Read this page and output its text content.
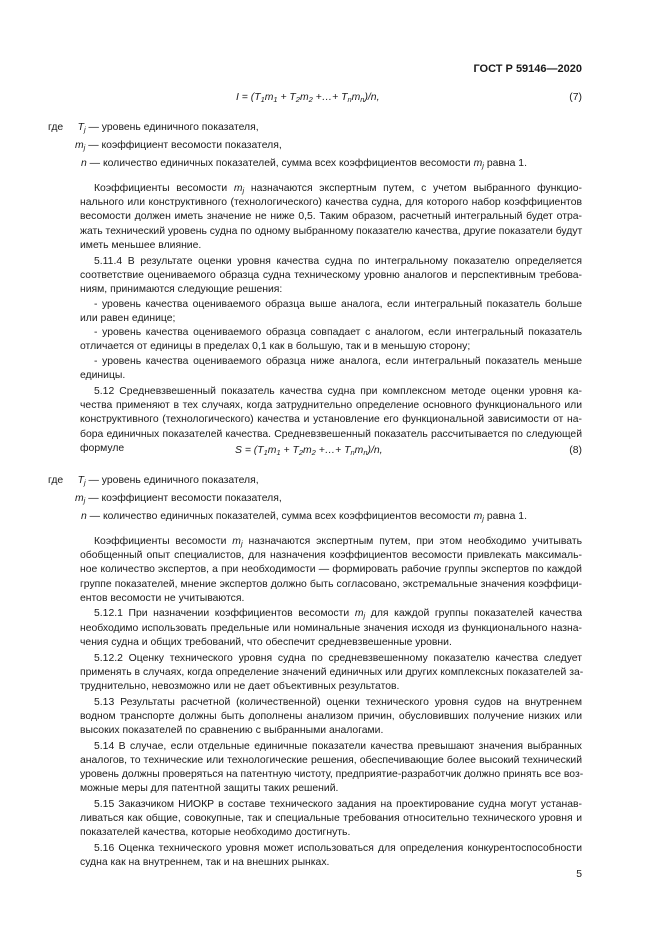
ГОСТ Р 59146—2020
$I = (T_1m_1 + T_2m_2$ +…+ $T_nm_n)/n$,	(7)
где $T_j$ — уровень единичного показателя,
$m_j$ — коэффициент весомости показателя,
n — количество единичных показателей, сумма всех коэффициентов весомости $m_j$ равна 1.
Коэффициенты весомости $m_j$ назначаются экспертным путем, с учетом выбранного функцио-
нального или конструктивного (технологического) качества судна, для которого набор коэффициентов
весомости должен иметь значение не ниже 0,5. Таким образом, расчетный интегральный будет отра-
жать технический уровень судна по одному выбранному показателю качества, другие показатели будут
иметь меньшее влияние.
5.11.4 В результате оценки уровня качества судна по интегральному показателю определяется
соответствие оцениваемого образца судна техническому уровню аналогов и перспективным требова-
ниям, принимаются следующие решения:
- уровень качества оцениваемого образца выше аналога, если интегральный показатель больше
или равен единице;
- уровень качества оцениваемого образца совпадает с аналогом, если интегральный показатель
отличается от единицы в пределах 0,1 как в большую, так и в меньшую сторону;
- уровень качества оцениваемого образца ниже аналога, если интегральный показатель меньше
единицы.
5.12 Средневзвешенный показатель качества судна при комплексном методе оценки уровня ка-
чества применяют в тех случаях, когда затруднительно определение основного функционального или
конструктивного (технологического) качества и установление его функциональной зависимости от на-
бора единичных показателей качества. Средневзвешенный показатель рассчитывается по следующей
формуле	$S = (T_1m_1 + T_2m_2$ +…+ $T_nm_n)/n$,	(8)
где $T_j$ — уровень единичного показателя,
$m_j$ — коэффициент весомости показателя,
n — количество единичных показателей, сумма всех коэффициентов весомости $m_j$ равна 1.
Коэффициенты весомости $m_j$ назначаются экспертным путем, при этом необходимо учитывать
обобщенный опыт специалистов, для назначения коэффициентов весомости привлекать максималь-
ное количество экспертов, а при необходимости — формировать рабочие группы экспертов по каждой
группе показателей, мнение экспертов должно быть согласовано, экстремальные значения коэффици-
ентов весомости не учитываются.
5.12.1 При назначении коэффициентов весомости $m_j$ для каждой группы показателей качества
необходимо использовать предельные или номинальные значения исходя из функционального назна-
чения судна и общих требований, что обеспечит средневзвешенные уровни.
5.12.2 Оценку технического уровня судна по средневзвешенному показателю качества следует
применять в случаях, когда определение значений единичных или других комплексных показателей за-
труднительно, невозможно или не дает объективных результатов.
5.13 Результаты расчетной (количественной) оценки технического уровня судов на внутреннем
водном транспорте должны быть дополнены анализом причин, обусловивших получение низких или
высоких показателей по сравнению с выбранными аналогами.
5.14 В случае, если отдельные единичные показатели качества превышают значения выбранных
аналогов, то технические или технологические решения, обеспечивающие более высокий технический
уровень должны проверяться на патентную чистоту, предприятие-разработчик должно принять все воз-
можные меры для патентной защиты таких решений.
5.15 Заказчиком НИОКР в составе технического задания на проектирование судна могут устанав-
ливаться как общие, совокупные, так и специальные требования относительно технического уровня и
показателей качества, которые необходимо достигнуть.
5.16 Оценка технического уровня может использоваться для определения конкурентоспособности
судна как на внутреннем, так и на внешних рынках.
5
